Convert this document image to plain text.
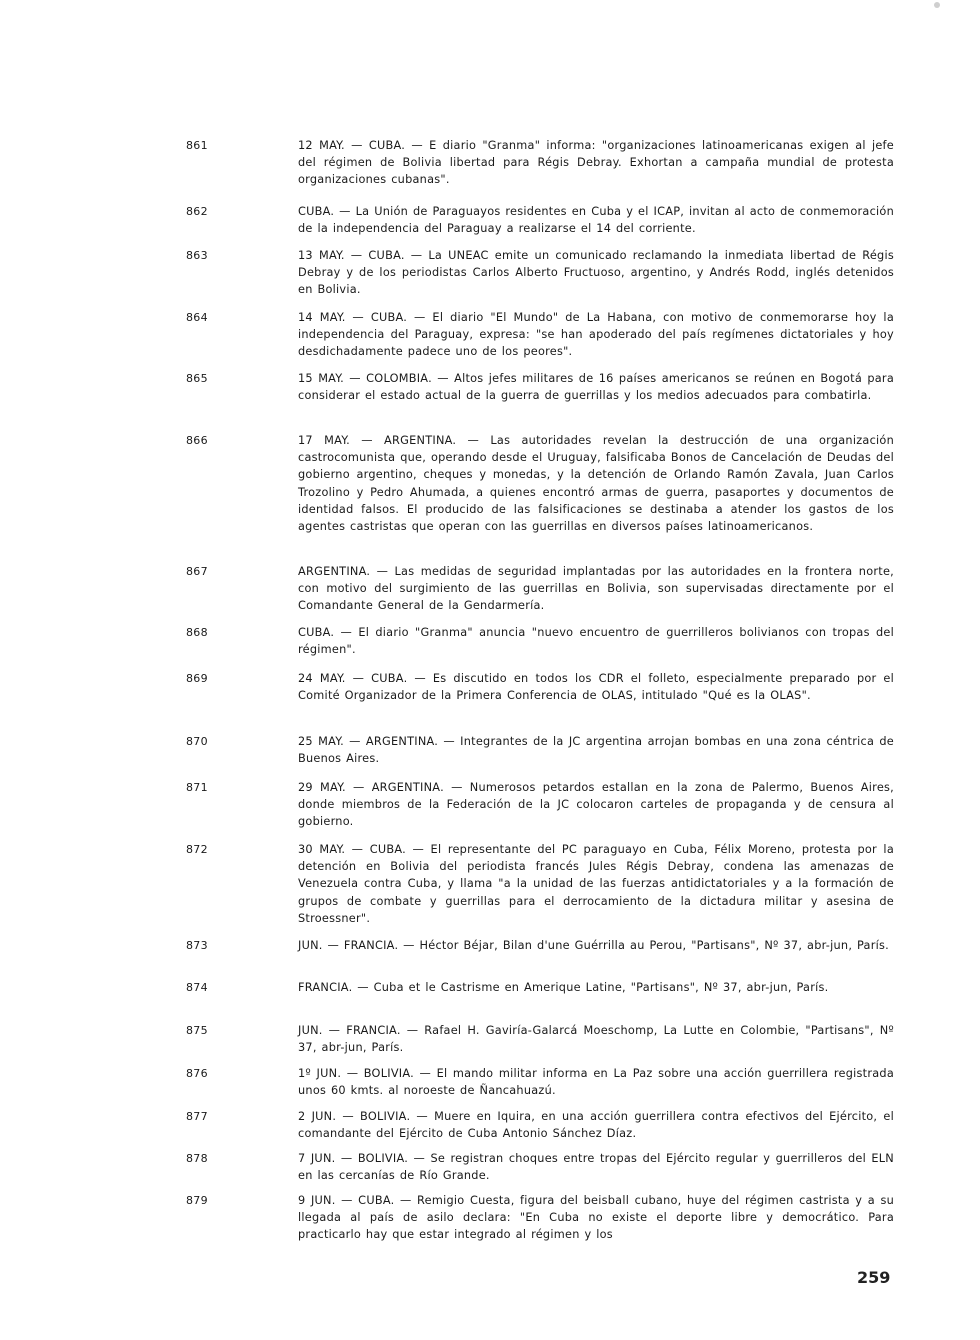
861	12 MAY. — CUBA. — E diario "Granma" informa: "organizaciones latinoamericanas exigen al jefe del régimen de Bolivia libertad para Régis Debray. Exhortan a campaña mundial de protesta organizaciones cubanas".
862	CUBA. — La Unión de Paraguayos residentes en Cuba y el ICAP, invitan al acto de conmemoración de la independencia del Paraguay a realizarse el 14 del corriente.
863	13 MAY. — CUBA. — La UNEAC emite un comunicado reclamando la inmediata libertad de Régis Debray y de los periodistas Carlos Alberto Fructuoso, argentino, y Andrés Rodd, inglés detenidos en Bolivia.
864	14 MAY. — CUBA. — El diario "El Mundo" de La Habana, con motivo de conmemorarse hoy la independencia del Paraguay, expresa: "se han apoderado del país regímenes dictatoriales y hoy desdichadamente padece uno de los peores".
865	15 MAY. — COLOMBIA. — Altos jefes militares de 16 países americanos se reúnen en Bogotá para considerar el estado actual de la guerra de guerrillas y los medios adecuados para combatirla.
866	17 MAY. — ARGENTINA. — Las autoridades revelan la destrucción de una organización castrocomunista que, operando desde el Uruguay, falsificaba Bonos de Cancelación de Deudas del gobierno argentino, cheques y monedas, y la detención de Orlando Ramón Zavala, Juan Carlos Trozolino y Pedro Ahumada, a quienes encontró armas de guerra, pasaportes y documentos de identidad falsos. El producido de las falsificaciones se destinaba a atender los gastos de los agentes castristas que operan con las guerrillas en diversos países latinoamericanos.
867	ARGENTINA. — Las medidas de seguridad implantadas por las autoridades en la frontera norte, con motivo del surgimiento de las guerrillas en Bolivia, son supervisadas directamente por el Comandante General de la Gendarmería.
868	CUBA. — El diario "Granma" anuncia "nuevo encuentro de guerrilleros bolivianos con tropas del régimen".
869	24 MAY. — CUBA. — Es discutido en todos los CDR el folleto, especialmente preparado por el Comité Organizador de la Primera Conferencia de OLAS, intitulado "Qué es la OLAS".
870	25 MAY. — ARGENTINA. — Integrantes de la JC argentina arrojan bombas en una zona céntrica de Buenos Aires.
871	29 MAY. — ARGENTINA. — Numerosos petardos estallan en la zona de Palermo, Buenos Aires, donde miembros de la Federación de la JC colocaron carteles de propaganda y de censura al gobierno.
872	30 MAY. — CUBA. — El representante del PC paraguayo en Cuba, Félix Moreno, protesta por la detención en Bolivia del periodista francés Jules Régis Debray, condena las amenazas de Venezuela contra Cuba, y llama "a la unidad de las fuerzas antidictatoriales y a la formación de grupos de combate y guerrillas para el derrocamiento de la dictadura militar y asesina de Stroessner".
873	JUN. — FRANCIA. — Héctor Béjar, Bilan d'une Guérrilla au Perou, "Partisans", Nº 37, abr-jun, París.
874	FRANCIA. — Cuba et le Castrisme en Amerique Latine, "Partisans", Nº 37, abr-jun, París.
875	JUN. — FRANCIA. — Rafael H. Gaviría-Galarcá Moeschomp, La Lutte en Colombie, "Partisans", Nº 37, abr-jun, París.
876	1º JUN. — BOLIVIA. — El mando militar informa en La Paz sobre una acción guerrillera registrada unos 60 kmts. al noroeste de Ñancahuazú.
877	2 JUN. — BOLIVIA. — Muere en Iquira, en una acción guerrillera contra efectivos del Ejército, el comandante del Ejército de Cuba Antonio Sánchez Díaz.
878	7 JUN. — BOLIVIA. — Se registran choques entre tropas del Ejército regular y guerrilleros del ELN en las cercanías de Río Grande.
879	9 JUN. — CUBA. — Remigio Cuesta, figura del beisball cubano, huye del régimen castrista y a su llegada al país de asilo declara: "En Cuba no existe el deporte libre y democrático. Para practicarlo hay que estar integrado al régimen y los
259
